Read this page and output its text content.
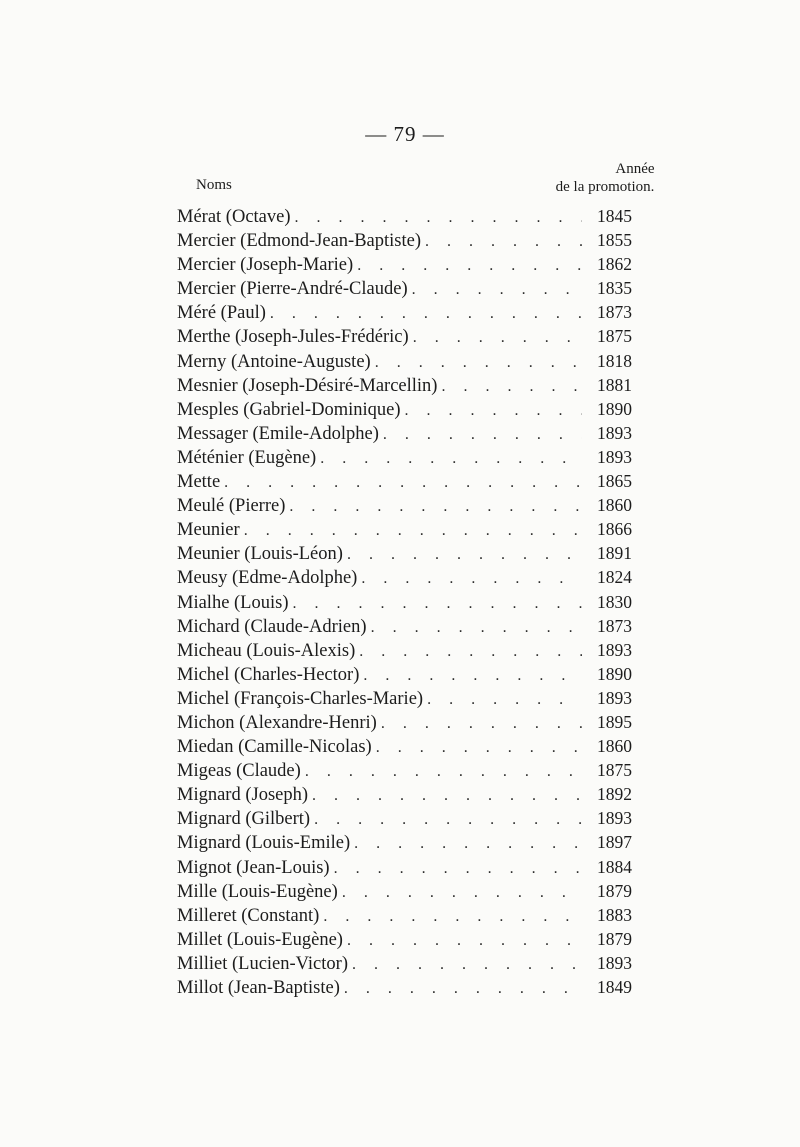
— 79 —
Noms
Année
de la promotion.
Mérat (Octave) . . .	1845
Mercier (Edmond-Jean-Baptiste) . . .	1855
Mercier (Joseph-Marie) . . .	1862
Mercier (Pierre-André-Claude) . . .	1835
Méré (Paul) . . .	1873
Merthe (Joseph-Jules-Frédéric) . . .	1875
Merny (Antoine-Auguste) . . .	1818
Mesnier (Joseph-Désiré-Marcellin) . . .	1881
Mesples (Gabriel-Dominique) . . .	1890
Messager (Emile-Adolphe) . . .	1893
Méténier (Eugène) . . .	1893
Mette . . .	1865
Meulé (Pierre) . . .	1860
Meunier . . .	1866
Meunier (Louis-Léon) . . .	1891
Meusy (Edme-Adolphe) . . .	1824
Mialhe (Louis) . . .	1830
Michard (Claude-Adrien) . . .	1873
Micheau (Louis-Alexis) . . .	1893
Michel (Charles-Hector) . . .	1890
Michel (François-Charles-Marie) . . .	1893
Michon (Alexandre-Henri) . . .	1895
Miedan (Camille-Nicolas) . . .	1860
Migeas (Claude) . . .	1875
Mignard (Joseph) . . .	1892
Mignard (Gilbert) . . .	1893
Mignard (Louis-Emile) . . .	1897
Mignot (Jean-Louis) . . .	1884
Mille (Louis-Eugène) . . .	1879
Milleret (Constant) . . .	1883
Millet (Louis-Eugène) . . .	1879
Milliet (Lucien-Victor) . . .	1893
Millot (Jean-Baptiste) . . .	1849
